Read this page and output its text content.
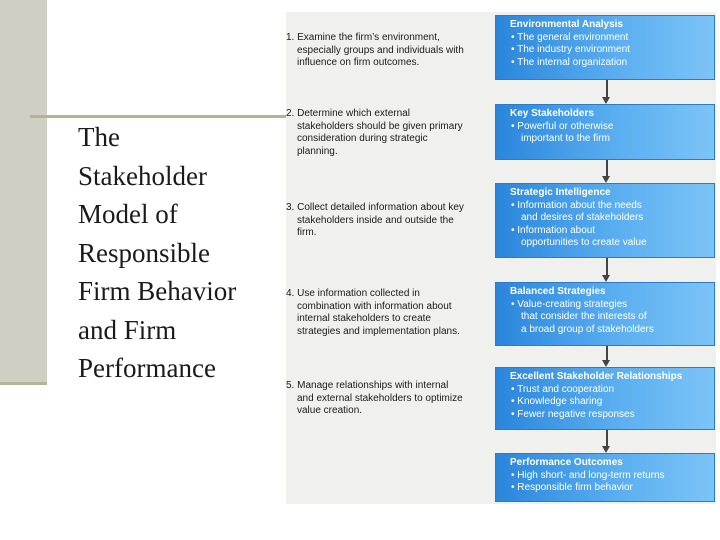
The
Stakeholder
Model of
Responsible
Firm Behavior
and Firm
Performance
1. Examine the firm’s environment,
especially groups and individuals with
influence on firm outcomes.
2. Determine which external
stakeholders should be given primary
consideration during strategic
planning.
3. Collect detailed information about key
stakeholders inside and outside the
firm.
4. Use information collected in
combination with information about
internal stakeholders to create
strategies and implementation plans.
5. Manage relationships with internal
and external stakeholders to optimize
value creation.
Environmental Analysis
• The general environment
• The industry environment
• The internal organization
Key Stakeholders
• Powerful or otherwise
important to the firm
Strategic Intelligence
• Information about the needs
and desires of stakeholders
• Information about
opportunities to create value
Balanced Strategies
• Value-creating strategies
that consider the interests of
a broad group of stakeholders
Excellent Stakeholder Relationships
• Trust and cooperation
• Knowledge sharing
• Fewer negative responses
Performance Outcomes
• High short- and long-term returns
• Responsible firm behavior
